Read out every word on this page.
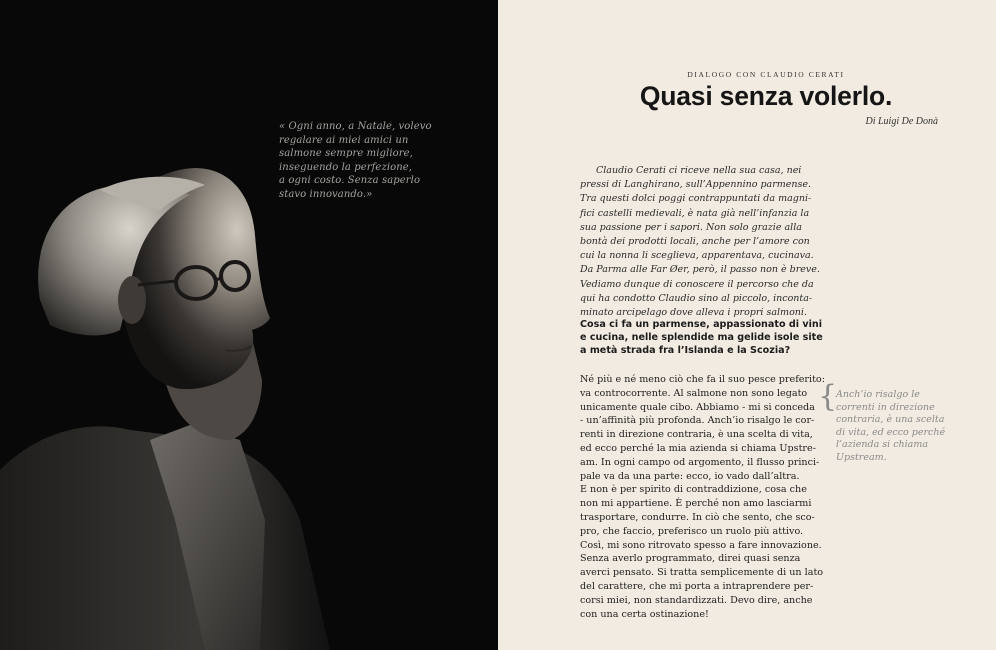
« Ogni anno, a Natale, volevo
regalare ai miei amici un
salmone sempre migliore,
inseguendo la perfezione,
a ogni costo. Senza saperlo
stavo innovando.»
DIALOGO CON CLAUDIO CERATI
Quasi senza volerlo.
Di Luigi De Donà
Claudio Cerati ci riceve nella sua casa, nei
pressi di Langhirano, sull’Appennino parmense.
Tra questi dolci poggi contrappuntati da magni-
fici castelli medievali, è nata già nell’infanzia la
sua passione per i sapori. Non solo grazie alla
bontà dei prodotti locali, anche per l’amore con
cui la nonna li sceglieva, apparentava, cucinava.
Da Parma alle Far Øer, però, il passo non è breve.
Vediamo dunque di conoscere il percorso che da
qui ha condotto Claudio sino al piccolo, inconta-
minato arcipelago dove alleva i propri salmoni.
Cosa ci fa un parmense, appassionato di vini
e cucina, nelle splendide ma gelide isole site
a metà strada fra l’Islanda e la Scozia?
Né più e né meno ciò che fa il suo pesce preferito:
va controcorrente. Al salmone non sono legato
unicamente quale cibo. Abbiamo - mi si conceda
- un’affinità più profonda. Anch’io risalgo le cor-
renti in direzione contraria, è una scelta di vita,
ed ecco perché la mia azienda si chiama Upstre-
am. In ogni campo od argomento, il flusso princi-
pale va da una parte: ecco, io vado dall’altra.
E non è per spirito di contraddizione, cosa che
non mi appartiene. È perché non amo lasciarmi
trasportare, condurre. In ciò che sento, che sco-
pro, che faccio, preferisco un ruolo più attivo.
Così, mi sono ritrovato spesso a fare innovazione.
Senza averlo programmato, direi quasi senza
averci pensato. Si tratta semplicemente di un lato
del carattere, che mi porta a intraprendere per-
corsi miei, non standardizzati. Devo dire, anche
con una certa ostinazione!
{
Anch’io risalgo le
correnti in direzione
contraria, è una scelta
di vita, ed ecco perché
l’azienda si chiama
Upstream.
